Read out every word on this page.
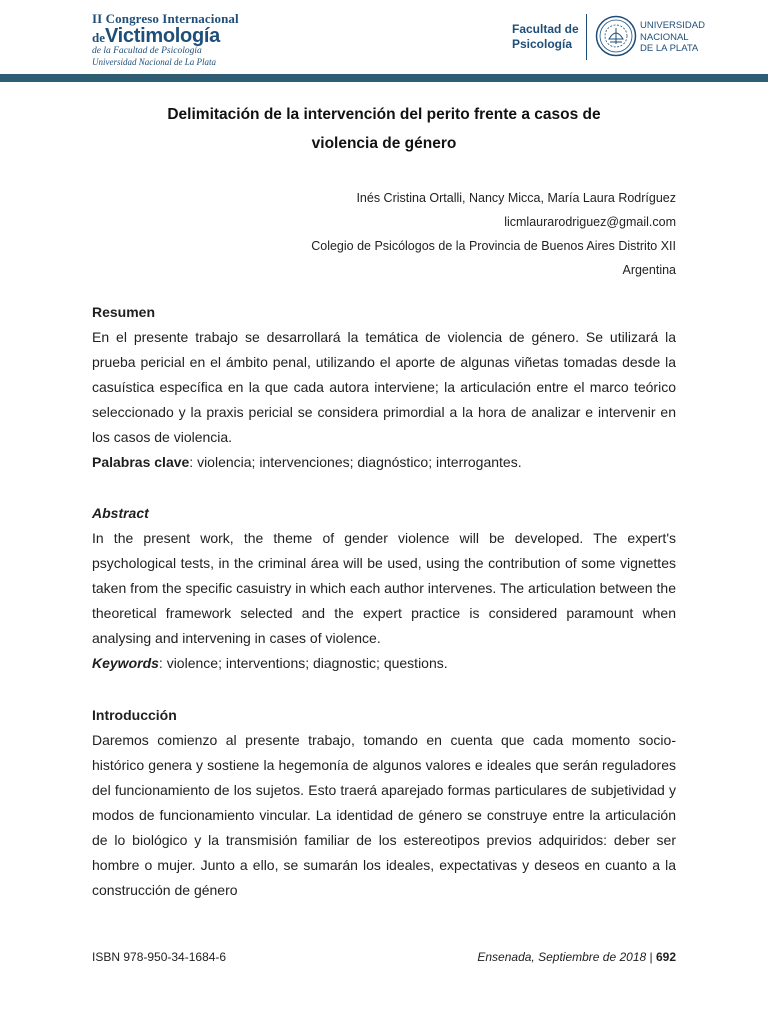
II Congreso Internacional
deVictimología
de la Facultad de Psicología
Universidad Nacional de La Plata
Facultad de
Psicología
UNIVERSIDAD
NACIONAL
DE LA PLATA
Delimitación de la intervención del perito frente a casos de
violencia de género
Inés Cristina Ortalli, Nancy Micca, María Laura Rodríguez
licmlaurarodriguez@gmail.com
Colegio de Psicólogos de la Provincia de Buenos Aires Distrito XII
Argentina
Resumen
En el presente trabajo se desarrollará la temática de violencia de género. Se utilizará la prueba pericial en el ámbito penal, utilizando el aporte de algunas viñetas tomadas desde la casuística específica en la que cada autora interviene; la articulación entre el marco teórico seleccionado y la praxis pericial se considera primordial a la hora de analizar e intervenir en los casos de violencia.
Palabras clave: violencia; intervenciones; diagnóstico; interrogantes.
Abstract
In the present work, the theme of gender violence will be developed. The expert's psychological tests, in the criminal área will be used, using the contribution of some vignettes taken from the specific casuistry in which each author intervenes. The articulation between the theoretical framework selected and the expert practice is considered paramount when analysing and intervening in cases of violence.
Keywords: violence; interventions; diagnostic; questions.
Introducción
Daremos comienzo al presente trabajo, tomando en cuenta que cada momento socio-histórico genera y sostiene la hegemonía de algunos valores e ideales que serán reguladores del funcionamiento de los sujetos. Esto traerá aparejado formas particulares de subjetividad y modos de funcionamiento vincular. La identidad de género se construye entre la articulación de lo biológico y la transmisión familiar de los estereotipos previos adquiridos: deber ser hombre o mujer. Junto a ello, se sumarán los ideales, expectativas y deseos en cuanto a la construcción de género
ISBN 978-950-34-1684-6	Ensenada, Septiembre de 2018 | 692
